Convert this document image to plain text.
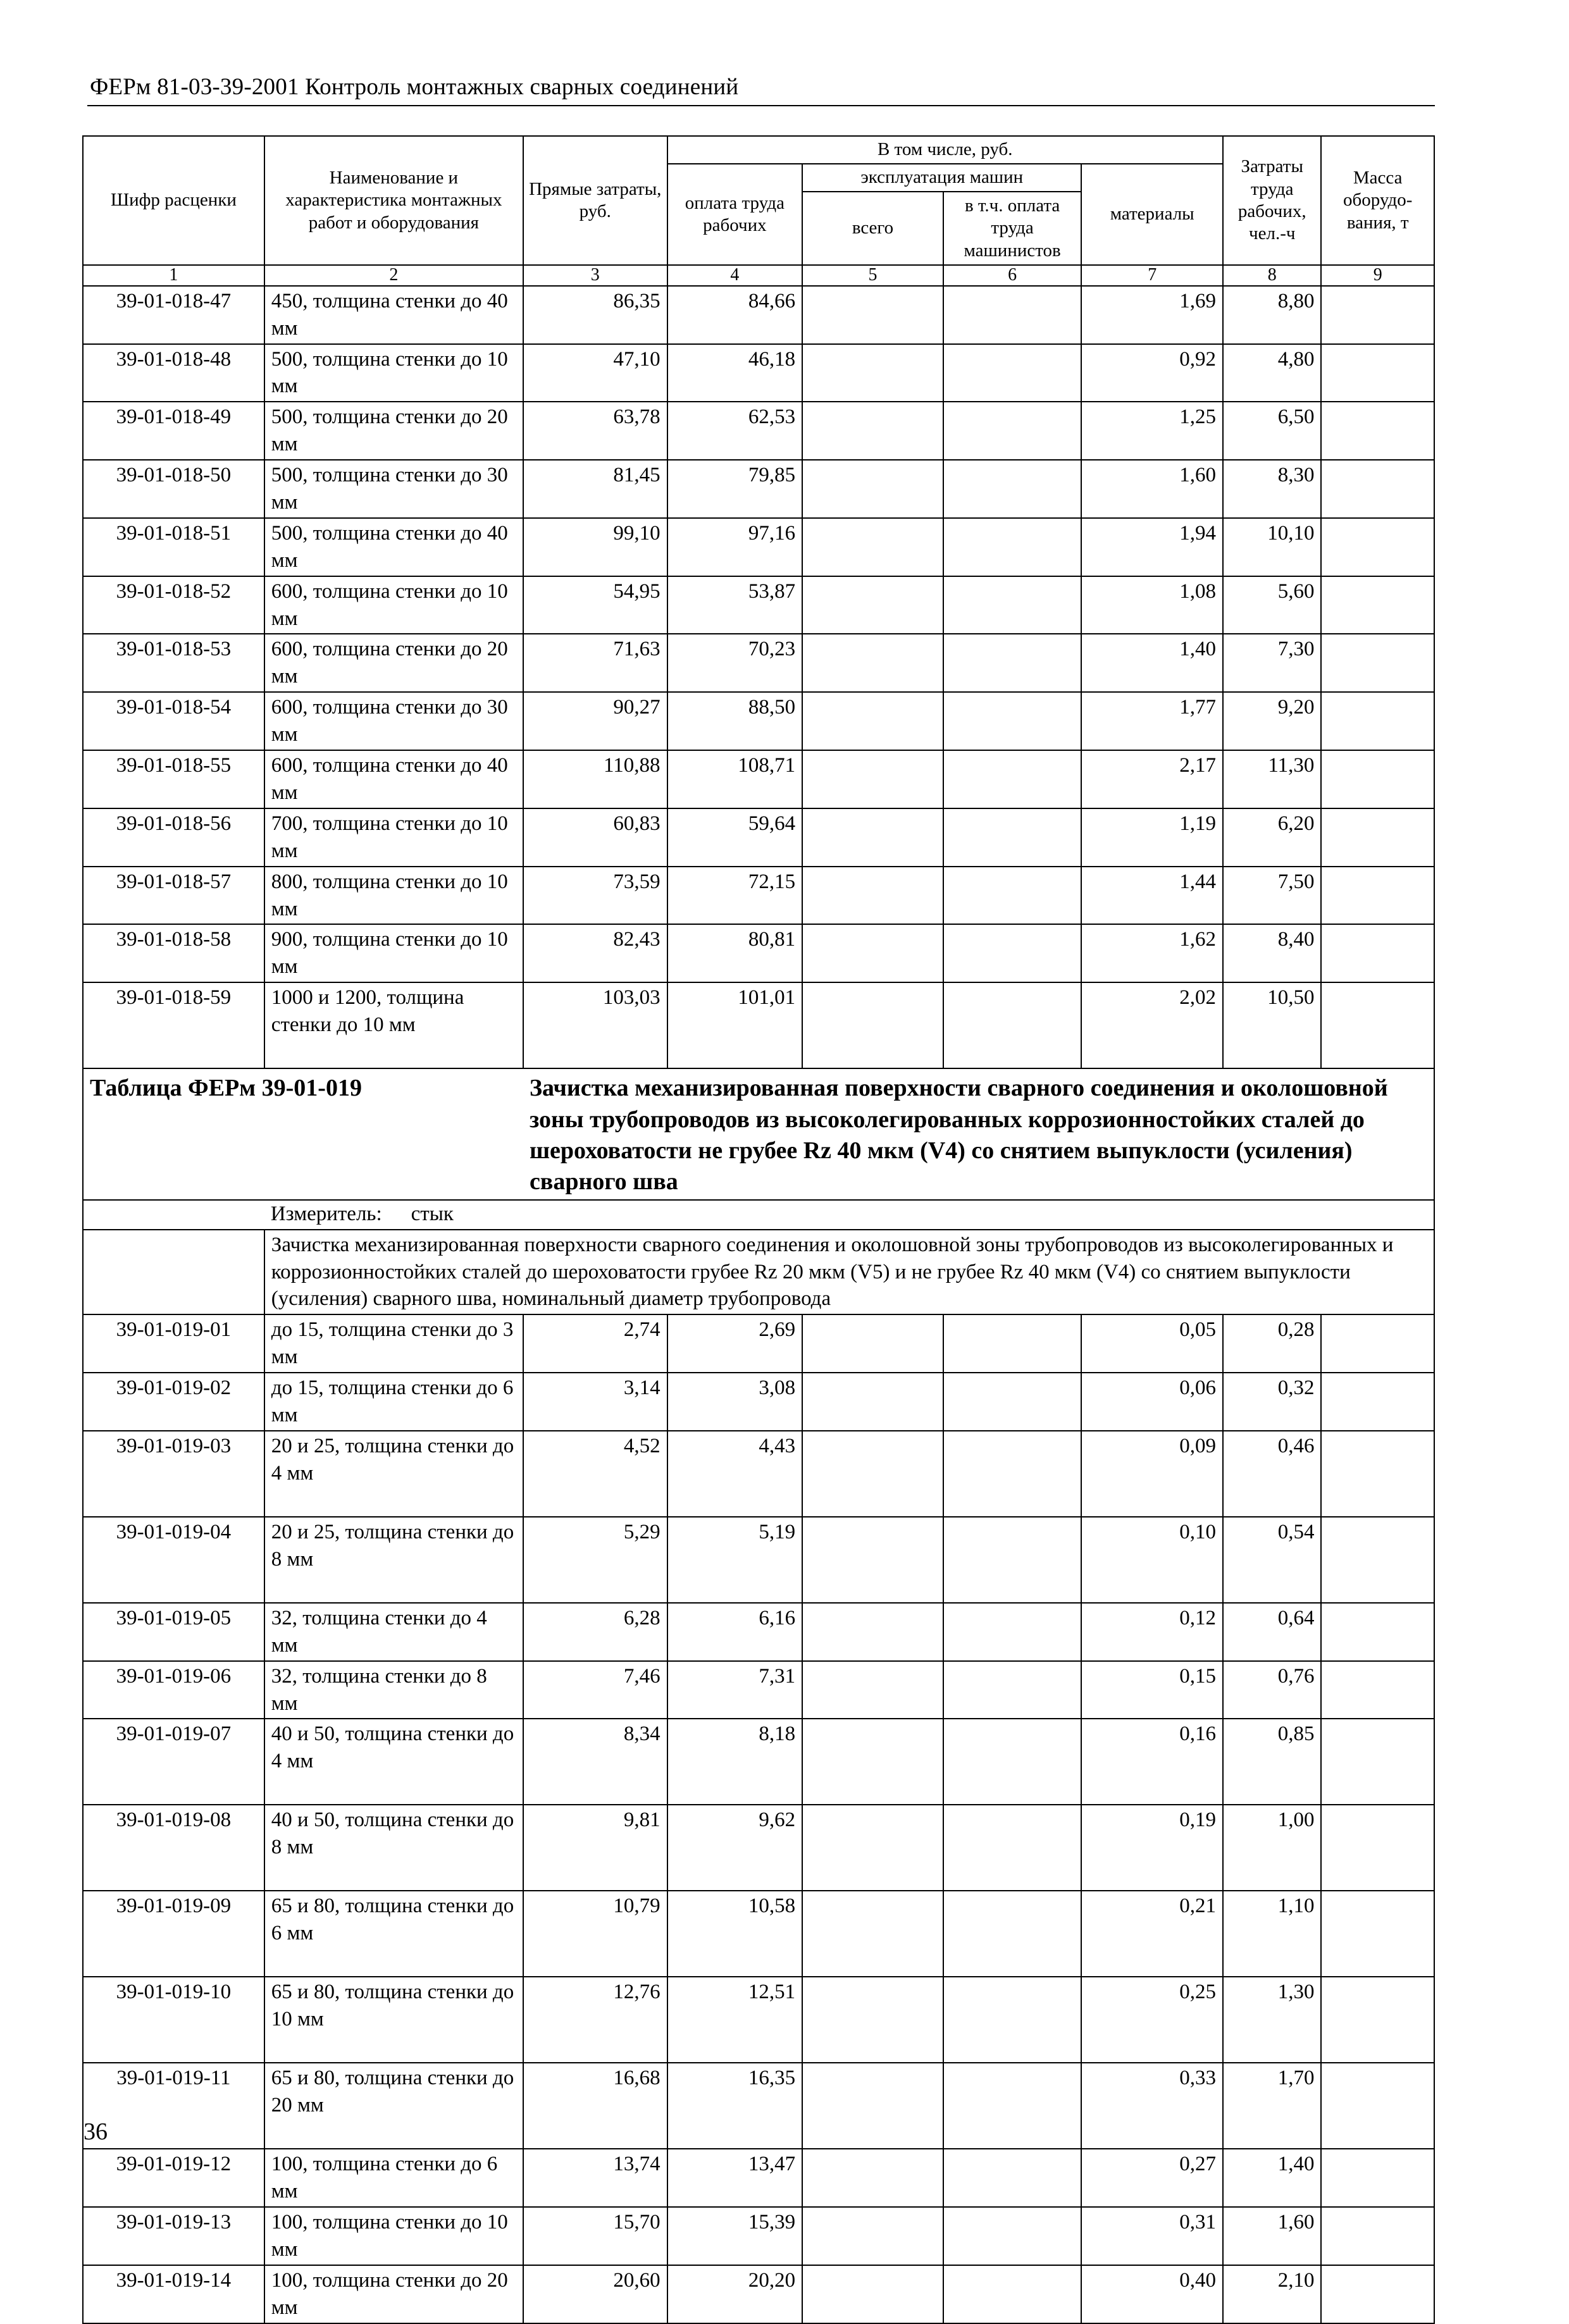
ФЕРм 81-03-39-2001 Контроль монтажных сварных соединений
Шифр расценки	Наименование и характеристика монтажных работ и оборудования	Прямые затраты, руб.	В том числе, руб.				Затраты труда рабочих, чел.-ч	Масса оборудо-вания, т
			оплата труда рабочих	эксплуатация машин		материалы		
				всего	в т.ч. оплата труда машинистов			
1	2	3	4	5	6	7	8	9
39-01-018-47	450, толщина стенки до 40 мм	86,35	84,66			1,69	8,80	
39-01-018-48	500, толщина стенки до 10 мм	47,10	46,18			0,92	4,80	
39-01-018-49	500, толщина стенки до 20 мм	63,78	62,53			1,25	6,50	
39-01-018-50	500, толщина стенки до 30 мм	81,45	79,85			1,60	8,30	
39-01-018-51	500, толщина стенки до 40 мм	99,10	97,16			1,94	10,10	
39-01-018-52	600, толщина стенки до 10 мм	54,95	53,87			1,08	5,60	
39-01-018-53	600, толщина стенки до 20 мм	71,63	70,23			1,40	7,30	
39-01-018-54	600, толщина стенки до 30 мм	90,27	88,50			1,77	9,20	
39-01-018-55	600, толщина стенки до 40 мм	110,88	108,71			2,17	11,30	
39-01-018-56	700, толщина стенки до 10 мм	60,83	59,64			1,19	6,20	
39-01-018-57	800, толщина стенки до 10 мм	73,59	72,15			1,44	7,50	
39-01-018-58	900, толщина стенки до 10 мм	82,43	80,81			1,62	8,40	
39-01-018-59	1000 и 1200, толщина стенки до 10 мм	103,03	101,01			2,02	10,50	

Таблица ФЕРм 39-01-019		Зачистка механизированная поверхности сварного соединения и околошовной зоны трубопроводов из высоколегированных коррозионностойких сталей до шероховатости не грубее Rz 40 мкм (V4) со снятием выпуклости (усиления) сварного шва						

	Измеритель: стык							

	Зачистка механизированная поверхности сварного соединения и околошовной зоны трубопроводов из высоколегированных и коррозионностойких сталей до шероховатости грубее Rz 20 мкм (V5) и не грубее Rz 40 мкм (V4) со снятием выпуклости (усиления) сварного шва, номинальный диаметр трубопровода							
39-01-019-01	до 15, толщина стенки до 3 мм	2,74	2,69			0,05	0,28	
39-01-019-02	до 15, толщина стенки до 6 мм	3,14	3,08			0,06	0,32	
39-01-019-03	20 и 25, толщина стенки до 4 мм	4,52	4,43			0,09	0,46	
39-01-019-04	20 и 25, толщина стенки до 8 мм	5,29	5,19			0,10	0,54	
39-01-019-05	32, толщина стенки до 4 мм	6,28	6,16			0,12	0,64	
39-01-019-06	32, толщина стенки до 8 мм	7,46	7,31			0,15	0,76	
39-01-019-07	40 и 50, толщина стенки до 4 мм	8,34	8,18			0,16	0,85	
39-01-019-08	40 и 50, толщина стенки до 8 мм	9,81	9,62			0,19	1,00	
39-01-019-09	65 и 80, толщина стенки до 6 мм	10,79	10,58			0,21	1,10	
39-01-019-10	65 и 80, толщина стенки до 10 мм	12,76	12,51			0,25	1,30	
39-01-019-11	65 и 80, толщина стенки до 20 мм	16,68	16,35			0,33	1,70	
39-01-019-12	100, толщина стенки до 6 мм	13,74	13,47			0,27	1,40	
39-01-019-13	100, толщина стенки до 10 мм	15,70	15,39			0,31	1,60	
39-01-019-14	100, толщина стенки до 20 мм	20,60	20,20			0,40	2,10	
36
